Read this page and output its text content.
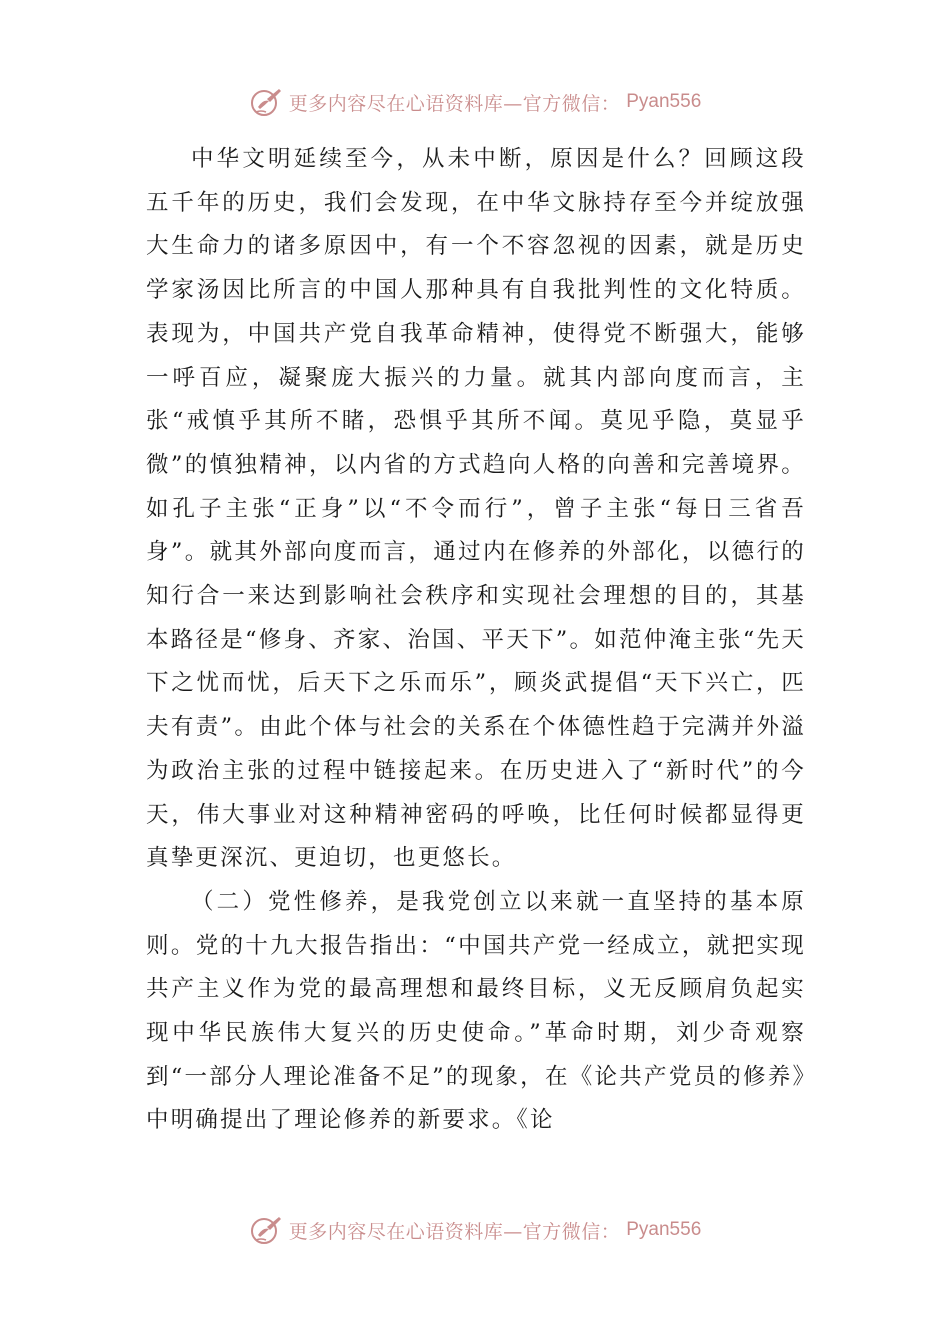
更多内容尽在心语资料库—官方微信： Pyan556

中华文明延续至今，从未中断，原因是什么？回顾这段五千年的历史，我们会发现，在中华文脉持存至今并绽放强大生命力的诸多原因中，有一个不容忽视的因素，就是历史学家汤因比所言的中国人那种具有自我批判性的文化特质。表现为，中国共产党自我革命精神，使得党不断强大，能够一呼百应，凝聚庞大振兴的力量。就其内部向度而言，主张“戒慎乎其所不睹，恐惧乎其所不闻。莫见乎隐，莫显乎微”的慎独精神，以内省的方式趋向人格的向善和完善境界。如孔子主张“正身”以“不令而行”，曾子主张“每日三省吾身”。就其外部向度而言，通过内在修养的外部化，以德行的知行合一来达到影响社会秩序和实现社会理想的目的，其基本路径是“修身、齐家、治国、平天下”。如范仲淹主张“先天下之忧而忧，后天下之乐而乐”，顾炎武提倡“天下兴亡，匹夫有责”。由此个体与社会的关系在个体德性趋于完满并外溢为政治主张的过程中链接起来。在历史进入了“新时代”的今天，伟大事业对这种精神密码的呼唤，比任何时候都显得更真挚更深沉、更迫切，也更悠长。

（二）党性修养，是我党创立以来就一直坚持的基本原则。党的十九大报告指出：“中国共产党一经成立，就把实现共产主义作为党的最高理想和最终目标，义无反顾肩负起实现中华民族伟大复兴的历史使命。”革命时期，刘少奇观察到“一部分人理论准备不足”的现象，在《论共产党员的修养》中明确提出了理论修养的新要求。《论

更多内容尽在心语资料库—官方微信： Pyan556
